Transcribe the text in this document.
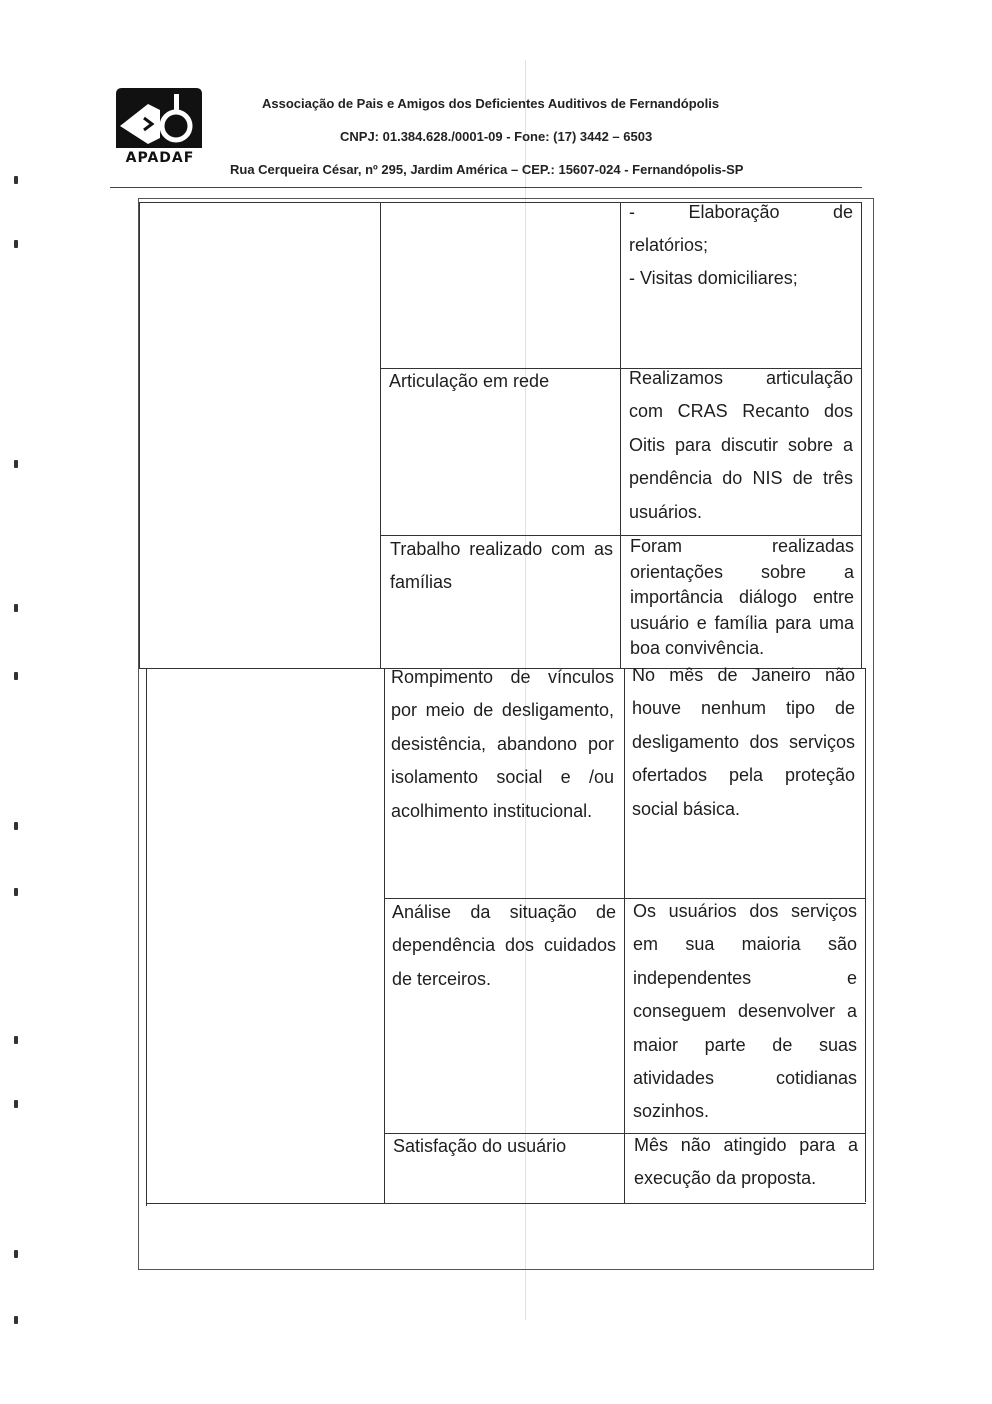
APADAF
Associação de Pais e Amigos dos Deficientes Auditivos de Fernandópolis
CNPJ: 01.384.628./0001-09 - Fone: (17) 3442 – 6503
Rua Cerqueira César, nº 295, Jardim América – CEP.: 15607-024 - Fernandópolis-SP
- Elaboração de
relatórios;
- Visitas domiciliares;
Articulação em rede	Realizamos articulação com CRAS Recanto dos Oitis para discutir sobre a pendência do NIS de três usuários.
Trabalho realizado com as famílias
Foram realizadas orientações sobre a importância diálogo entre usuário e família para uma boa convivência.
Rompimento de vínculos por meio de desligamento, desistência, abandono por isolamento social e /ou acolhimento institucional.
No mês de Janeiro não houve nenhum tipo de desligamento dos serviços ofertados pela proteção social básica.
Análise da situação de dependência dos cuidados de terceiros.
Os usuários dos serviços em sua maioria são independentes e conseguem desenvolver a maior parte de suas atividades cotidianas sozinhos.
Satisfação do usuário	Mês não atingido para a execução da proposta.
